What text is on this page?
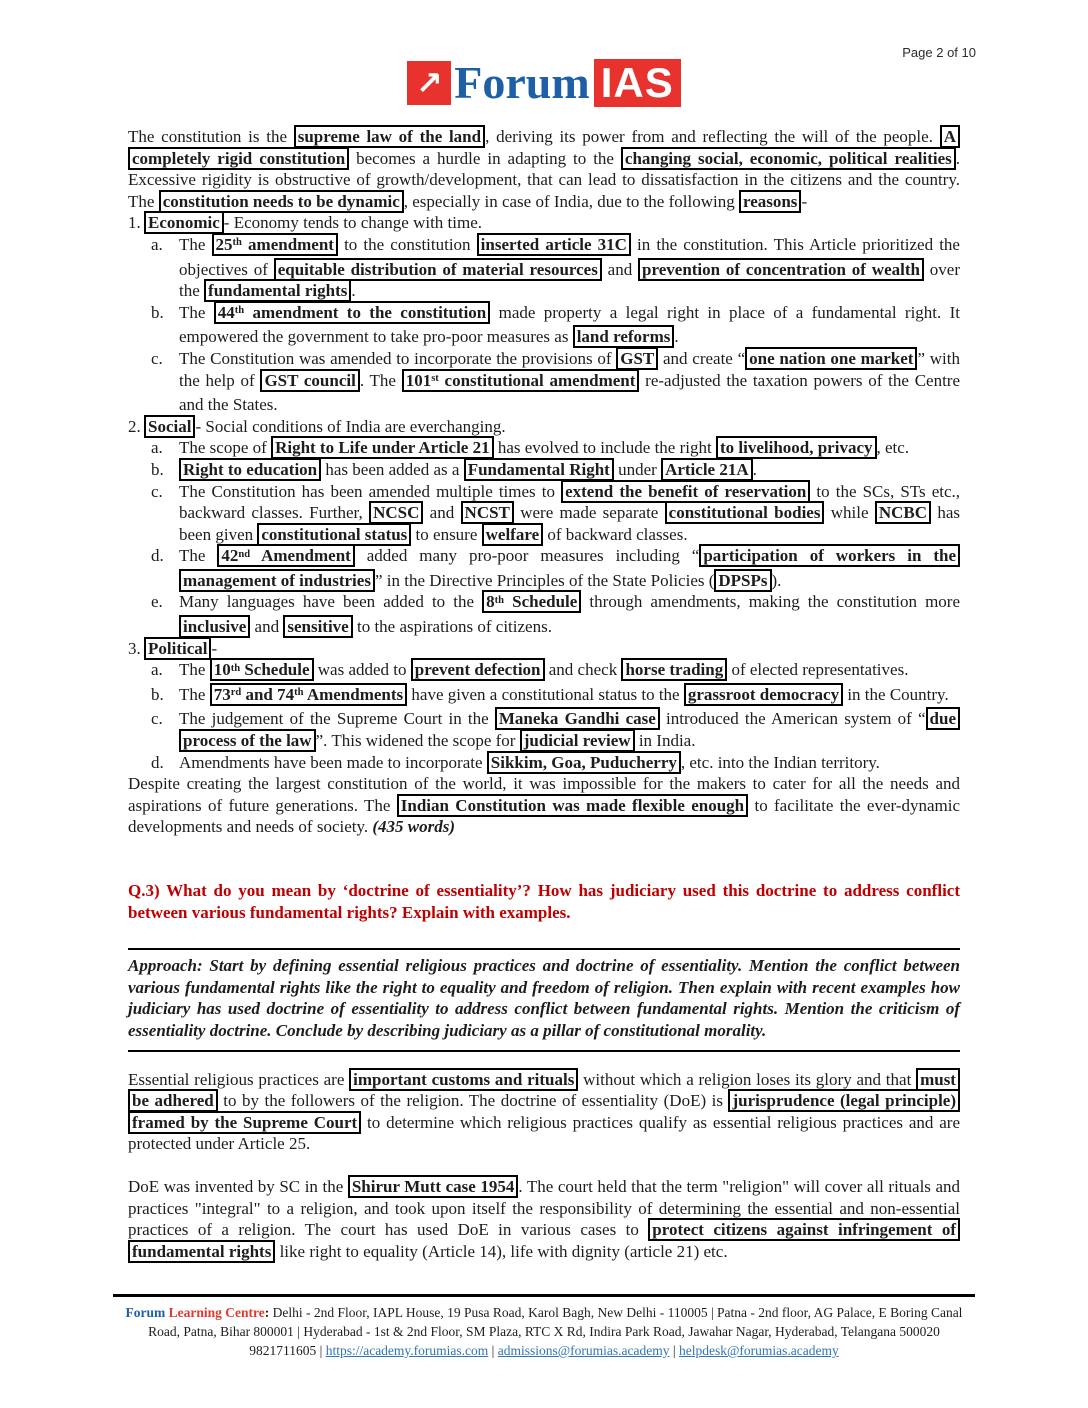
Page 2 of 10
↗ Forum IAS

The constitution is the supreme law of the land , deriving its power from and reflecting the will of the people. A completely rigid constitution becomes a hurdle in adapting to the changing social, economic, political realities . Excessive rigidity is obstructive of growth/development, that can lead to dissatisfaction in the citizens and the country. The constitution needs to be dynamic , especially in case of India, due to the following reasons -

1. Economic - Economy tends to change with time.
a. The 25th amendment to the constitution inserted article 31C in the constitution. This Article prioritized the objectives of equitable distribution of material resources and prevention of concentration of wealth over the fundamental rights .
b. The 44th amendment to the constitution made property a legal right in place of a fundamental right. It empowered the government to take pro-poor measures as land reforms .
c. The Constitution was amended to incorporate the provisions of GST and create “ one nation one market ” with the help of GST council . The 101st constitutional amendment re-adjusted the taxation powers of the Centre and the States.
2. Social - Social conditions of India are everchanging.
a. The scope of Right to Life under Article 21 has evolved to include the right to livelihood, privacy , etc.
b.	Right to education has been added as a Fundamental Right under Article 21A .
c. The Constitution has been amended multiple times to extend the benefit of reservation to the SCs, STs etc., backward classes. Further, NCSC and NCST were made separate constitutional bodies while NCBC has been given constitutional status to ensure welfare of backward classes.
d. The 42nd Amendment added many pro-poor measures including “ participation of workers in the management of industries ” in the Directive Principles of the State Policies ( DPSPs ).
e. Many languages have been added to the 8th Schedule through amendments, making the constitution more inclusive and sensitive to the aspirations of citizens.
3. Political -
a. The 10th Schedule was added to prevent defection and check horse trading of elected representatives.
b. The 73rd and 74th Amendments have given a constitutional status to the grassroot democracy in the Country.
c. The judgement of the Supreme Court in the Maneka Gandhi case introduced the American system of “ due process of the law ”. This widened the scope for judicial review in India.
d. Amendments have been made to incorporate Sikkim, Goa, Puducherry , etc. into the Indian territory.

Despite creating the largest constitution of the world, it was impossible for the makers to cater for all the needs and aspirations of future generations. The Indian Constitution was made flexible enough to facilitate the ever-dynamic developments and needs of society. (435 words)

Q.3) What do you mean by ‘doctrine of essentiality’? How has judiciary used this doctrine to address conflict between various fundamental rights? Explain with examples.

Approach: Start by defining essential religious practices and doctrine of essentiality. Mention the conflict between various fundamental rights like the right to equality and freedom of religion. Then explain with recent examples how judiciary has used doctrine of essentiality to address conflict between fundamental rights. Mention the criticism of essentiality doctrine. Conclude by describing judiciary as a pillar of constitutional morality.

Essential religious practices are important customs and rituals without which a religion loses its glory and that must be adhered to by the followers of the religion. The doctrine of essentiality (DoE) is jurisprudence (legal principle) framed by the Supreme Court to determine which religious practices qualify as essential religious practices and are protected under Article 25.

DoE was invented by SC in the Shirur Mutt case 1954 . The court held that the term "religion" will cover all rituals and practices "integral" to a religion, and took upon itself the responsibility of determining the essential and non-essential practices of a religion. The court has used DoE in various cases to protect citizens against infringement of fundamental rights like right to equality (Article 14), life with dignity (article 21) etc.

Forum Learning Centre: Delhi - 2nd Floor, IAPL House, 19 Pusa Road, Karol Bagh, New Delhi - 110005 | Patna - 2nd floor, AG Palace, E Boring Canal Road, Patna, Bihar 800001 | Hyderabad - 1st & 2nd Floor, SM Plaza, RTC X Rd, Indira Park Road, Jawahar Nagar, Hyderabad, Telangana 500020
9821711605 | https://academy.forumias.com | admissions@forumias.academy | helpdesk@forumias.academy
